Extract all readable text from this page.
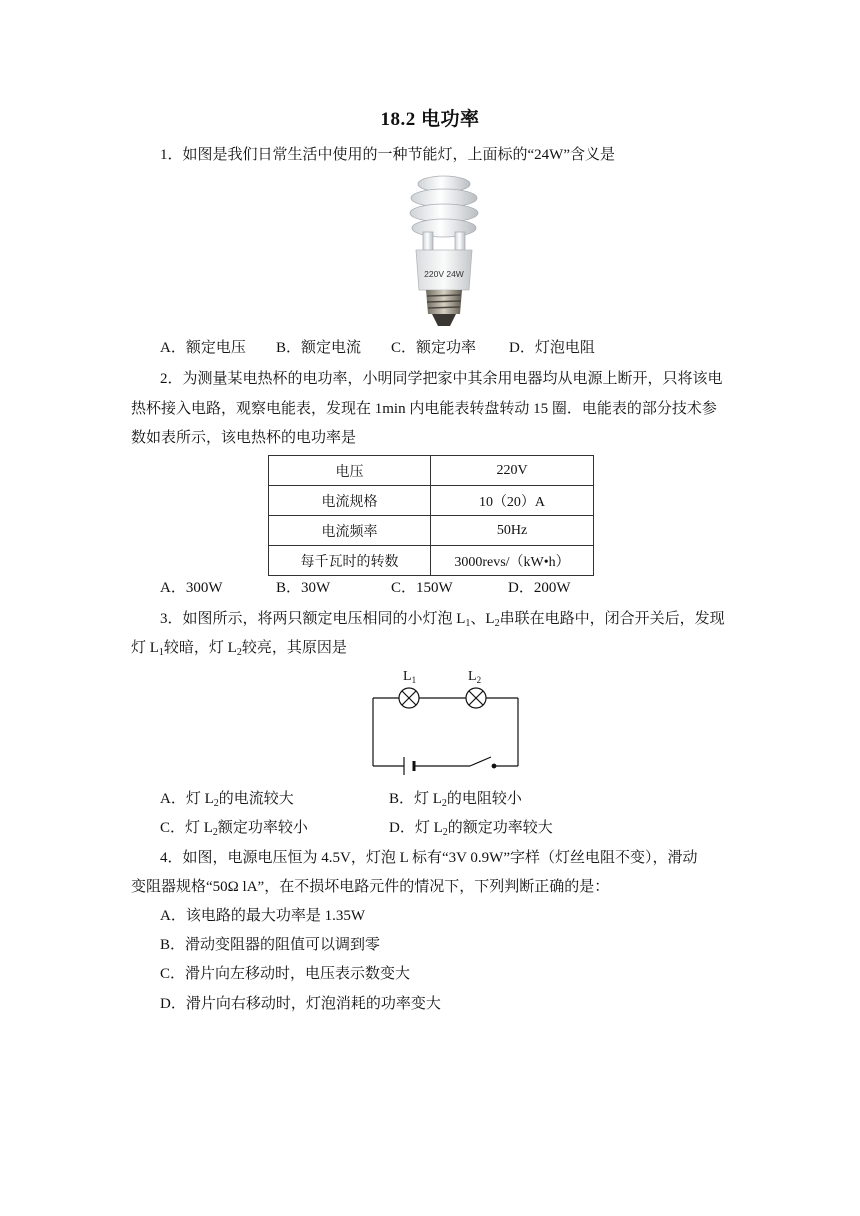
18.2 电功率
1．如图是我们日常生活中使用的一种节能灯，上面标的“24W”含义是
220V 24W
A．额定电压 B．额定电流 C．额定功率 D．灯泡电阻
2．为测量某电热杯的电功率，小明同学把家中其余用电器均从电源上断开，只将该电
热杯接入电路，观察电能表，发现在 1min 内电能表转盘转动 15 圈．电能表的部分技术参
数如表所示，该电热杯的电功率是
电压	220V
电流规格	10（20）A
电流频率	50Hz
每千瓦时的转数	3000revs/（kW•h）
A．300W	B．30W	C．150W	D．200W
3．如图所示，将两只额定电压相同的小灯泡 $L_1$、$L_2$串联在电路中，闭合开关后，发现
灯 $L_1$较暗，灯 $L_2$较亮，其原因是
$L_1$	$L_2$
A．灯 $L_2$的电流较大	B．灯 $L_2$的电阻较小
C．灯 $L_2$额定功率较小	D．灯 $L_2$的额定功率较大
4．如图，电源电压恒为 4.5V，灯泡 L 标有“3V 0.9W”字样（灯丝电阻不变），滑动
变阻器规格“50Ω lA”，在不损坏电路元件的情况下，下列判断正确的是：
A．该电路的最大功率是 1.35W
B．滑动变阻器的阻值可以调到零
C．滑片向左移动时，电压表示数变大
D．滑片向右移动时，灯泡消耗的功率变大
